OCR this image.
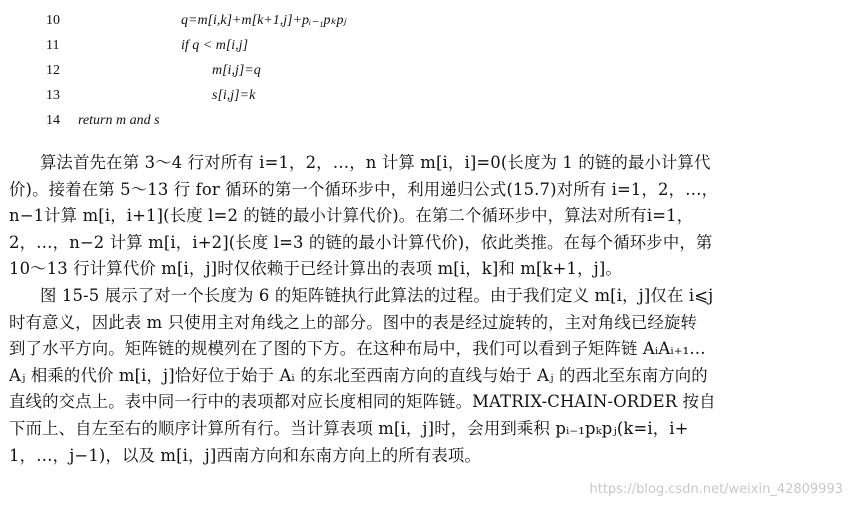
10	q=m[i,k]+m[k+1,j]+pᵢ₋₁pₖpⱼ
11	if q < m[i,j]
12	m[i,j]=q
13	s[i,j]=k
14 return m and s
算法首先在第 3～4 行对所有 i=1，2，…，n 计算 m[i，i]=0(长度为 1 的链的最小计算代
价)。接着在第 5～13 行 for 循环的第一个循环步中，利用递归公式(15.7)对所有 i=1，2，…，
n−1计算 m[i，i+1](长度 l=2 的链的最小计算代价)。在第二个循环步中，算法对所有i=1，
2，…，n−2 计算 m[i，i+2](长度 l=3 的链的最小计算代价)，依此类推。在每个循环步中，第
10～13 行计算代价 m[i，j]时仅依赖于已经计算出的表项 m[i，k]和 m[k+1，j]。
图 15-5 展示了对一个长度为 6 的矩阵链执行此算法的过程。由于我们定义 m[i，j]仅在 i⩽j
时有意义，因此表 m 只使用主对角线之上的部分。图中的表是经过旋转的，主对角线已经旋转
到了水平方向。矩阵链的规模列在了图的下方。在这种布局中，我们可以看到子矩阵链 AᵢAᵢ₊₁…
Aⱼ 相乘的代价 m[i，j]恰好位于始于 Aᵢ 的东北至西南方向的直线与始于 Aⱼ 的西北至东南方向的
直线的交点上。表中同一行中的表项都对应长度相同的矩阵链。MATRIX-CHAIN-ORDER 按自
下而上、自左至右的顺序计算所有行。当计算表项 m[i，j]时，会用到乘积 pᵢ₋₁pₖpⱼ(k=i，i+
1，…，j−1)，以及 m[i，j]西南方向和东南方向上的所有表项。
https://blog.csdn.net/weixin_42809993
